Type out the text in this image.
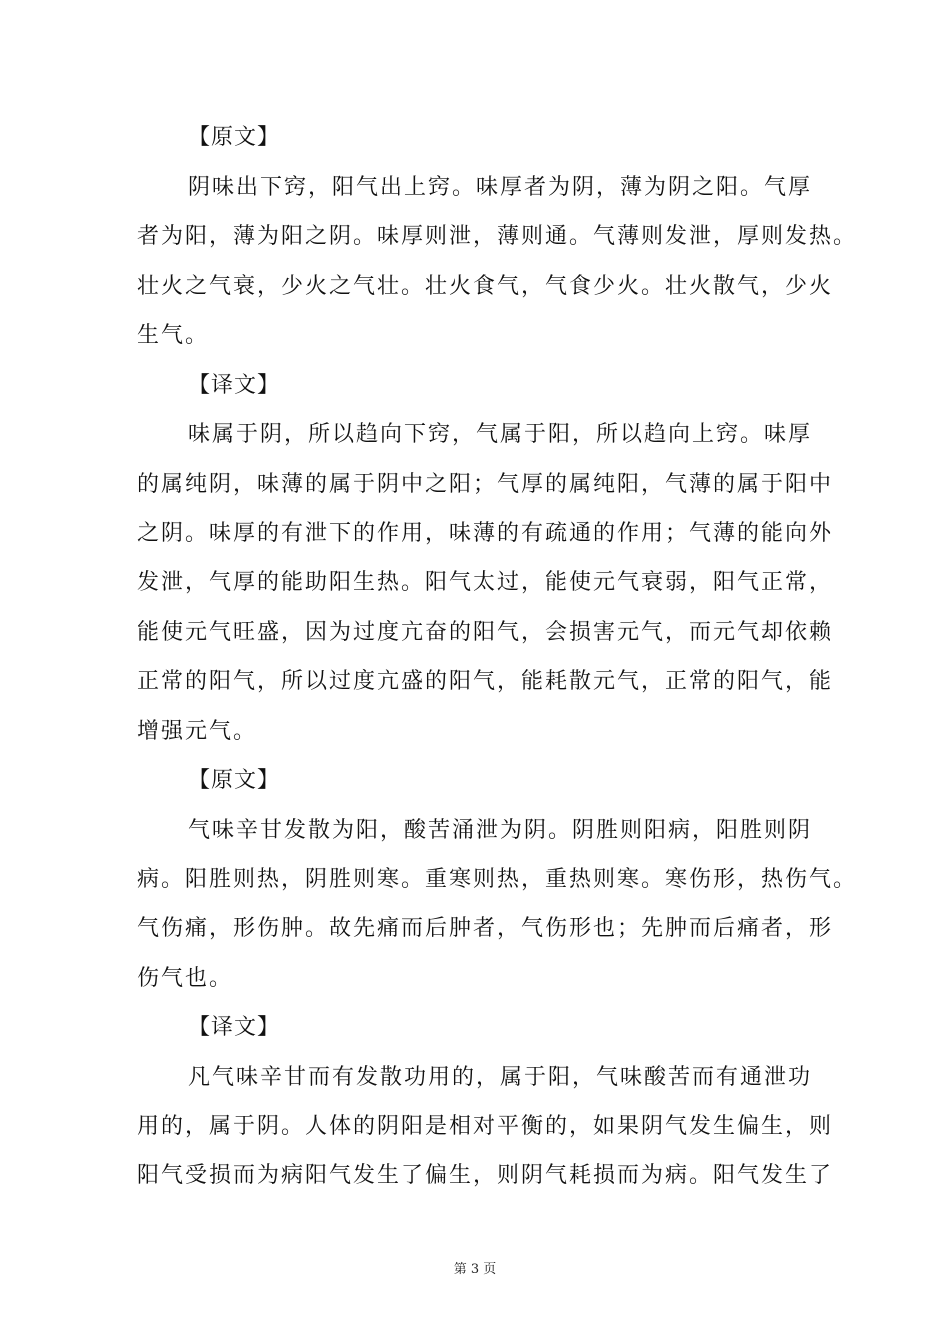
【原文】
阴味出下窍，阳气出上窍。味厚者为阴，薄为阴之阳。气厚
者为阳，薄为阳之阴。味厚则泄，薄则通。气薄则发泄，厚则发热。
壮火之气衰，少火之气壮。壮火食气，气食少火。壮火散气，少火
生气。
【译文】
味属于阴，所以趋向下窍，气属于阳，所以趋向上窍。味厚
的属纯阴，味薄的属于阴中之阳；气厚的属纯阳，气薄的属于阳中
之阴。味厚的有泄下的作用，味薄的有疏通的作用；气薄的能向外
发泄，气厚的能助阳生热。阳气太过，能使元气衰弱，阳气正常，
能使元气旺盛，因为过度亢奋的阳气，会损害元气，而元气却依赖
正常的阳气，所以过度亢盛的阳气，能耗散元气，正常的阳气，能
增强元气。
【原文】
气味辛甘发散为阳，酸苦涌泄为阴。阴胜则阳病，阳胜则阴
病。阳胜则热，阴胜则寒。重寒则热，重热则寒。寒伤形，热伤气。
气伤痛，形伤肿。故先痛而后肿者，气伤形也；先肿而后痛者，形
伤气也。
【译文】
凡气味辛甘而有发散功用的，属于阳，气味酸苦而有通泄功
用的，属于阴。人体的阴阳是相对平衡的，如果阴气发生偏生，则
阳气受损而为病阳气发生了偏生，则阴气耗损而为病。阳气发生了
第 3 页
